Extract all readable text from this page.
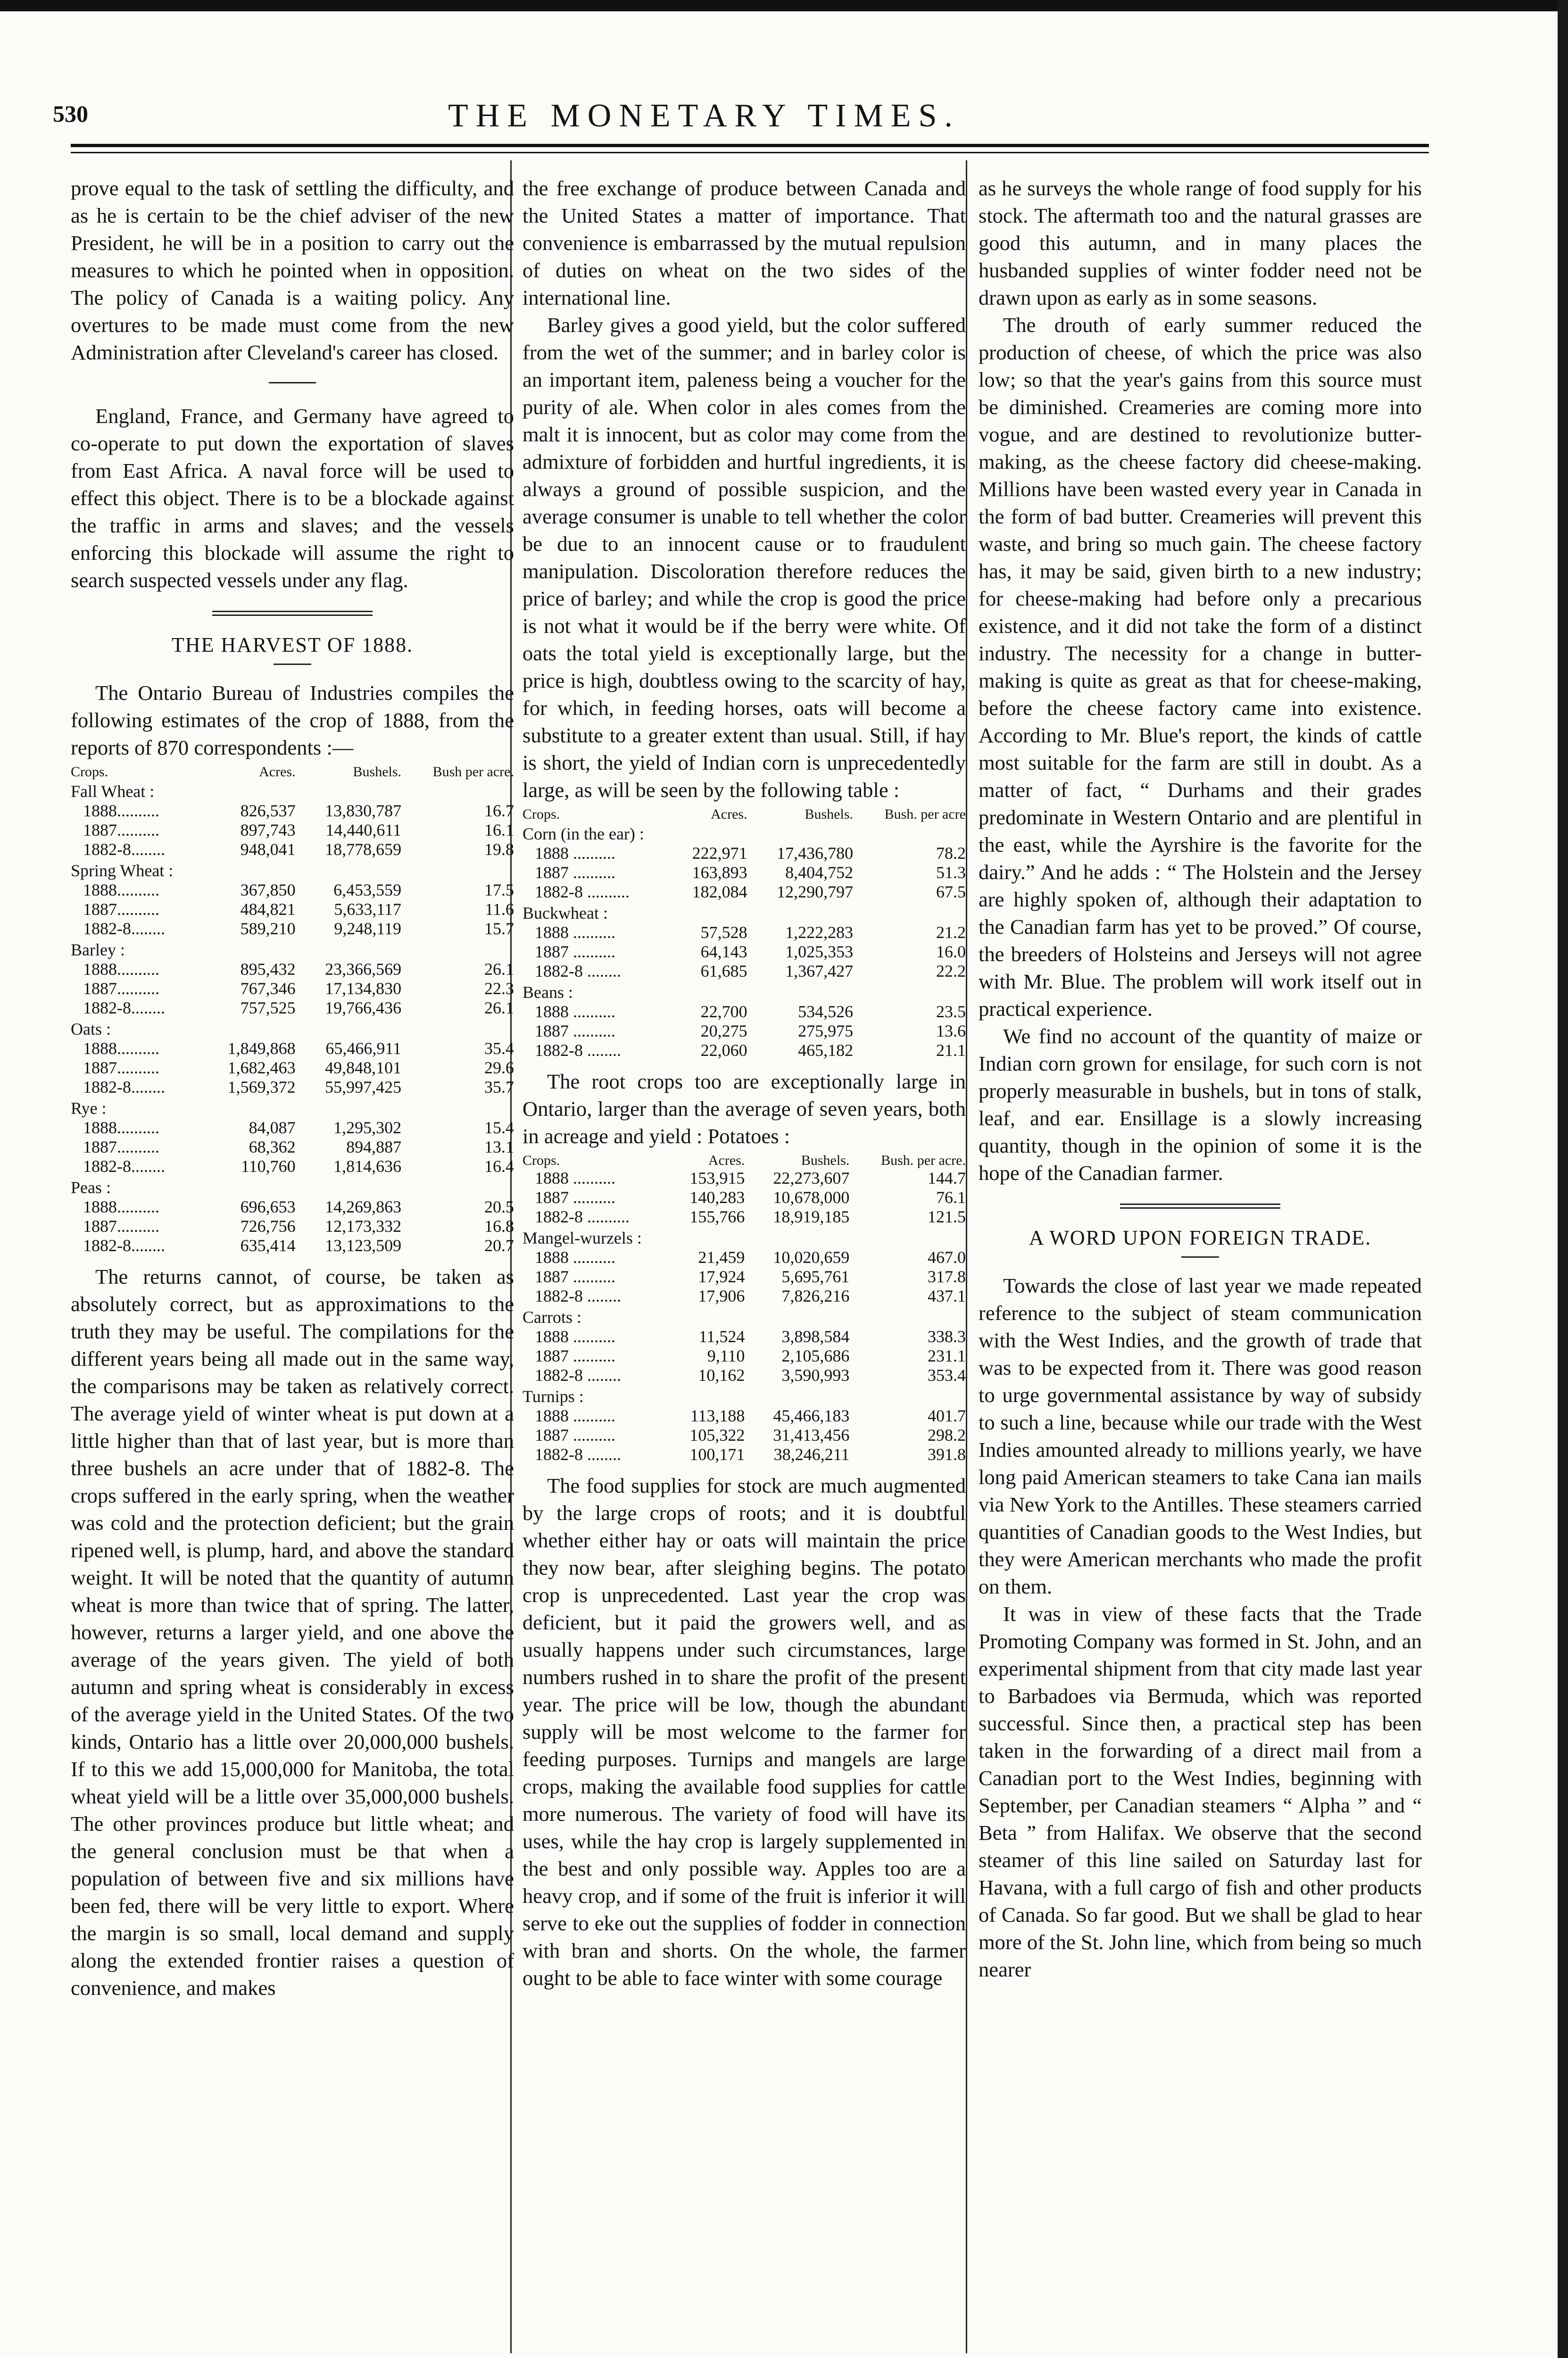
530	THE MONETARY TIMES.

prove equal to the task of settling the difficulty, and as he is certain to be the chief adviser of the new President, he will be in a position to carry out the measures to which he pointed when in opposition. The policy of Canada is a waiting policy. Any overtures to be made must come from the new Administration after Cleveland's career has closed.

England, France, and Germany have agreed to co-operate to put down the exportation of slaves from East Africa. A naval force will be used to effect this object. There is to be a blockade against the traffic in arms and slaves; and the vessels enforcing this blockade will assume the right to search suspected vessels under any flag.

THE HARVEST OF 1888.

The Ontario Bureau of Industries compiles the following estimates of the crop of 1888, from the reports of 870 correspondents :—

Crops.	Acres.	Bushels.	Bush per acre.
Fall Wheat :			
1888..........	826,537	13,830,787	16.7
1887..........	897,743	14,440,611	16.1
1882-8........	948,041	18,778,659	19.8
Spring Wheat :			
1888..........	367,850	6,453,559	17.5
1887..........	484,821	5,633,117	11.6
1882-8........	589,210	9,248,119	15.7
Barley :			
1888..........	895,432	23,366,569	26.1
1887..........	767,346	17,134,830	22.3
1882-8........	757,525	19,766,436	26.1
Oats :			
1888..........	1,849,868	65,466,911	35.4
1887..........	1,682,463	49,848,101	29.6
1882-8........	1,569,372	55,997,425	35.7
Rye :			
1888..........	84,087	1,295,302	15.4
1887..........	68,362	894,887	13.1
1882-8........	110,760	1,814,636	16.4
Peas :			
1888..........	696,653	14,269,863	20.5
1887..........	726,756	12,173,332	16.8
1882-8........	635,414	13,123,509	20.7

The returns cannot, of course, be taken as absolutely correct, but as approximations to the truth they may be useful. The compilations for the different years being all made out in the same way, the comparisons may be taken as relatively correct. The average yield of winter wheat is put down at a little higher than that of last year, but is more than three bushels an acre under that of 1882-8. The crops suffered in the early spring, when the weather was cold and the protection deficient; but the grain ripened well, is plump, hard, and above the standard weight. It will be noted that the quantity of autumn wheat is more than twice that of spring. The latter, however, returns a larger yield, and one above the average of the years given. The yield of both autumn and spring wheat is considerably in excess of the average yield in the United States. Of the two kinds, Ontario has a little over 20,000,000 bushels. If to this we add 15,000,000 for Manitoba, the total wheat yield will be a little over 35,000,000 bushels. The other provinces produce but little wheat; and the general conclusion must be that when a population of between five and six millions have been fed, there will be very little to export. Where the margin is so small, local demand and supply along the extended frontier raises a question of convenience, and makes

the free exchange of produce between Canada and the United States a matter of importance. That convenience is embarrassed by the mutual repulsion of duties on wheat on the two sides of the international line.

Barley gives a good yield, but the color suffered from the wet of the summer; and in barley color is an important item, paleness being a voucher for the purity of ale. When color in ales comes from the malt it is innocent, but as color may come from the admixture of forbidden and hurtful ingredients, it is always a ground of possible suspicion, and the average consumer is unable to tell whether the color be due to an innocent cause or to fraudulent manipulation. Discoloration therefore reduces the price of barley; and while the crop is good the price is not what it would be if the berry were white. Of oats the total yield is exceptionally large, but the price is high, doubtless owing to the scarcity of hay, for which, in feeding horses, oats will become a substitute to a greater extent than usual. Still, if hay is short, the yield of Indian corn is unprecedentedly large, as will be seen by the following table :

Crops.	Acres.	Bushels.	Bush. per acre
Corn (in the ear) :			
1888 ..........	222,971	17,436,780	78.2
1887 ..........	163,893	8,404,752	51.3
1882-8 ..........	182,084	12,290,797	67.5
Buckwheat :			
1888 ..........	57,528	1,222,283	21.2
1887 ..........	64,143	1,025,353	16.0
1882-8 ........	61,685	1,367,427	22.2
Beans :			
1888 ..........	22,700	534,526	23.5
1887 ..........	20,275	275,975	13.6
1882-8 ........	22,060	465,182	21.1

The root crops too are exceptionally large in Ontario, larger than the average of seven years, both in acreage and yield : Potatoes :

Crops.	Acres.	Bushels.	Bush. per acre.
1888 ..........	153,915	22,273,607	144.7
1887 ..........	140,283	10,678,000	76.1
1882-8 ..........	155,766	18,919,185	121.5
Mangel-wurzels :			
1888 ..........	21,459	10,020,659	467.0
1887 ..........	17,924	5,695,761	317.8
1882-8 ........	17,906	7,826,216	437.1
Carrots :			
1888 ..........	11,524	3,898,584	338.3
1887 ..........	9,110	2,105,686	231.1
1882-8 ........	10,162	3,590,993	353.4
Turnips :			
1888 ..........	113,188	45,466,183	401.7
1887 ..........	105,322	31,413,456	298.2
1882-8 ........	100,171	38,246,211	391.8

The food supplies for stock are much augmented by the large crops of roots; and it is doubtful whether either hay or oats will maintain the price they now bear, after sleighing begins. The potato crop is unprecedented. Last year the crop was deficient, but it paid the growers well, and as usually happens under such circumstances, large numbers rushed in to share the profit of the present year. The price will be low, though the abundant supply will be most welcome to the farmer for feeding purposes. Turnips and mangels are large crops, making the available food supplies for cattle more numerous. The variety of food will have its uses, while the hay crop is largely supplemented in the best and only possible way. Apples too are a heavy crop, and if some of the fruit is inferior it will serve to eke out the supplies of fodder in connection with bran and shorts. On the whole, the farmer ought to be able to face winter with some courage

as he surveys the whole range of food supply for his stock. The aftermath too and the natural grasses are good this autumn, and in many places the husbanded supplies of winter fodder need not be drawn upon as early as in some seasons.

The drouth of early summer reduced the production of cheese, of which the price was also low; so that the year's gains from this source must be diminished. Creameries are coming more into vogue, and are destined to revolutionize butter-making, as the cheese factory did cheese-making. Millions have been wasted every year in Canada in the form of bad butter. Creameries will prevent this waste, and bring so much gain. The cheese factory has, it may be said, given birth to a new industry; for cheese-making had before only a precarious existence, and it did not take the form of a distinct industry. The necessity for a change in butter-making is quite as great as that for cheese-making, before the cheese factory came into existence. According to Mr. Blue's report, the kinds of cattle most suitable for the farm are still in doubt. As a matter of fact, “ Durhams and their grades predominate in Western Ontario and are plentiful in the east, while the Ayrshire is the favorite for the dairy.” And he adds : “ The Holstein and the Jersey are highly spoken of, although their adaptation to the Canadian farm has yet to be proved.” Of course, the breeders of Holsteins and Jerseys will not agree with Mr. Blue. The problem will work itself out in practical experience.

We find no account of the quantity of maize or Indian corn grown for ensilage, for such corn is not properly measurable in bushels, but in tons of stalk, leaf, and ear. Ensillage is a slowly increasing quantity, though in the opinion of some it is the hope of the Canadian farmer.

A WORD UPON FOREIGN TRADE.

Towards the close of last year we made repeated reference to the subject of steam communication with the West Indies, and the growth of trade that was to be expected from it. There was good reason to urge governmental assistance by way of subsidy to such a line, because while our trade with the West Indies amounted already to millions yearly, we have long paid American steamers to take Cana ian mails via New York to the Antilles. These steamers carried quantities of Canadian goods to the West Indies, but they were American merchants who made the profit on them.

It was in view of these facts that the Trade Promoting Company was formed in St. John, and an experimental shipment from that city made last year to Barbadoes via Bermuda, which was reported successful. Since then, a practical step has been taken in the forwarding of a direct mail from a Canadian port to the West Indies, beginning with September, per Canadian steamers “ Alpha ” and “ Beta ” from Halifax. We observe that the second steamer of this line sailed on Saturday last for Havana, with a full cargo of fish and other products of Canada. So far good. But we shall be glad to hear more of the St. John line, which from being so much nearer
